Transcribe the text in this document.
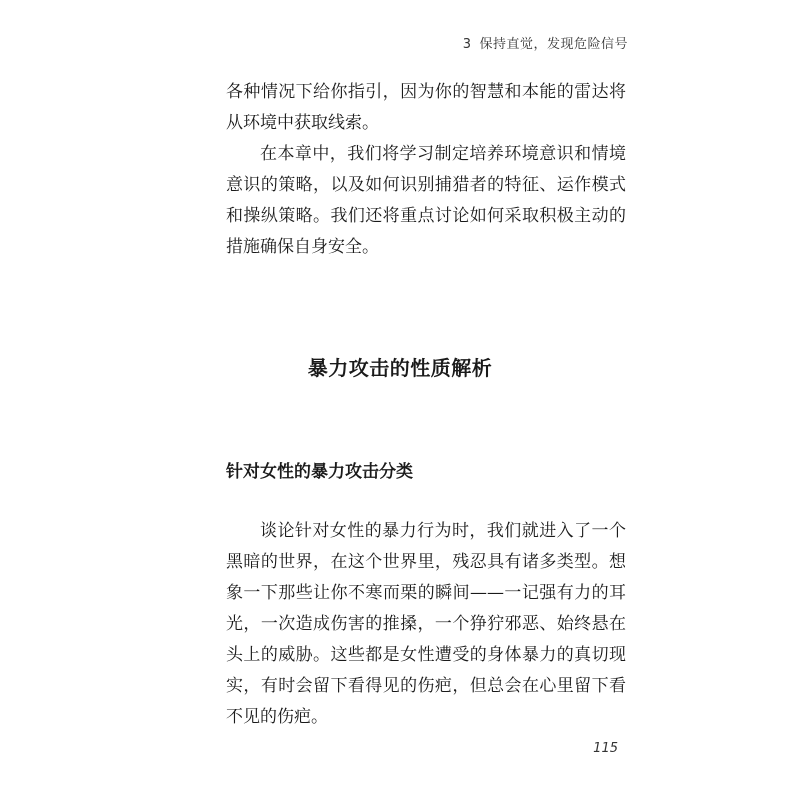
3 保持直觉，发现危险信号

各种情况下给你指引，因为你的智慧和本能的雷达将从环境中获取线索。

在本章中，我们将学习制定培养环境意识和情境意识的策略，以及如何识别捕猎者的特征、运作模式和操纵策略。我们还将重点讨论如何采取积极主动的措施确保自身安全。

暴力攻击的性质解析
针对女性的暴力攻击分类

谈论针对女性的暴力行为时，我们就进入了一个黑暗的世界，在这个世界里，残忍具有诸多类型。想象一下那些让你不寒而栗的瞬间——一记强有力的耳光，一次造成伤害的推搡，一个狰狞邪恶、始终悬在头上的威胁。这些都是女性遭受的身体暴力的真切现实，有时会留下看得见的伤疤，但总会在心里留下看不见的伤疤。

115
